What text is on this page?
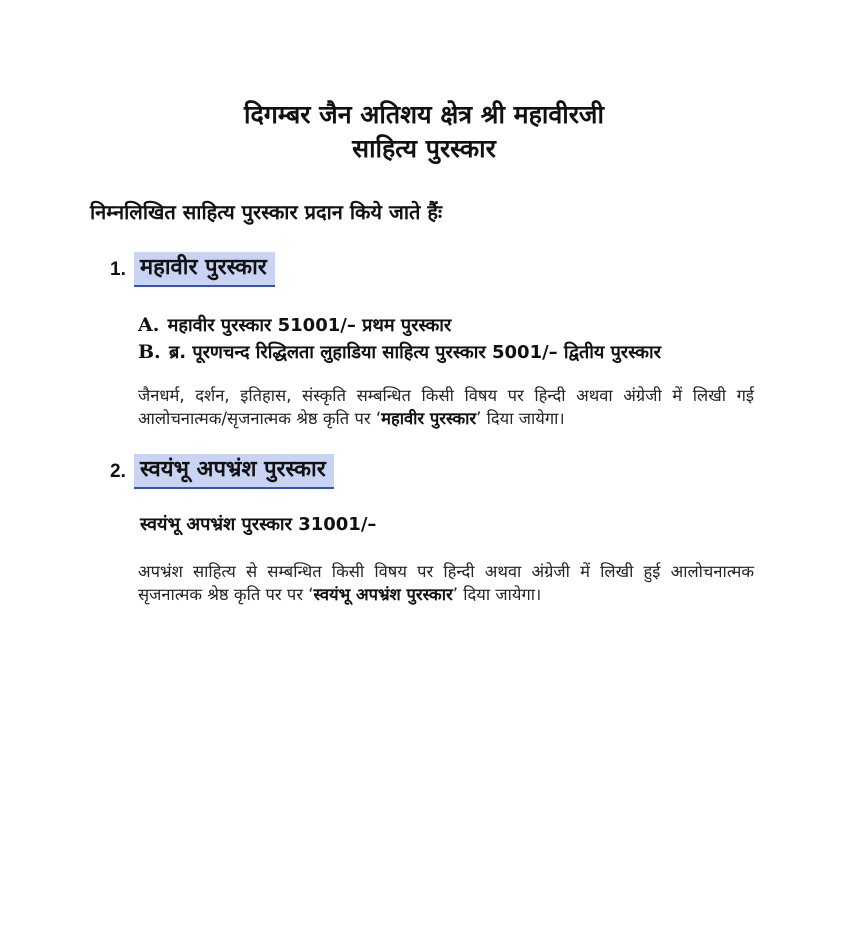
दिगम्बर जैन अतिशय क्षेत्र श्री महावीरजी
साहित्य पुरस्कार
निम्नलिखित साहित्य पुरस्कार प्रदान किये जाते हैंः
1. महावीर पुरस्कार
A. महावीर पुरस्कार 51001/– प्रथम पुरस्कार
B. ब्र. पूरणचन्द रिद्धिलता लुहाडिया साहित्य पुरस्कार 5001/– द्वितीय पुरस्कार
जैनधर्म, दर्शन, इतिहास, संस्कृति सम्बन्धित किसी विषय पर हिन्दी अथवा अंग्रेजी में लिखी गई आलोचनात्मक/सृजनात्मक श्रेष्ठ कृति पर ‘महावीर पुरस्कार’ दिया जायेगा।
2. स्वयंभू अपभ्रंश पुरस्कार
स्वयंभू अपभ्रंश पुरस्कार 31001/–
अपभ्रंश साहित्य से सम्बन्धित किसी विषय पर हिन्दी अथवा अंग्रेजी में लिखी हुई आलोचनात्मक सृजनात्मक श्रेष्ठ कृति पर पर ‘स्वयंभू अपभ्रंश पुरस्कार’ दिया जायेगा।
